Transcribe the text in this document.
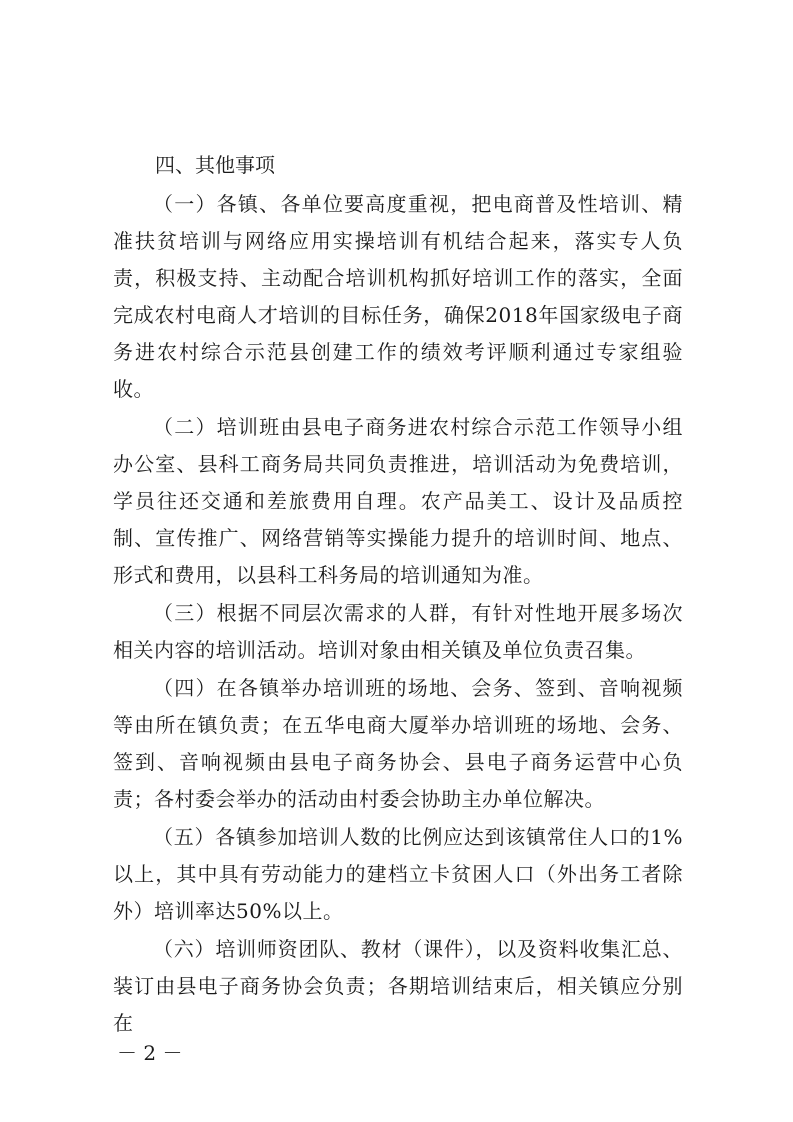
四、其他事项

（一）各镇、各单位要高度重视，把电商普及性培训、精准扶贫培训与网络应用实操培训有机结合起来，落实专人负责，积极支持、主动配合培训机构抓好培训工作的落实，全面完成农村电商人才培训的目标任务，确保2018年国家级电子商务进农村综合示范县创建工作的绩效考评顺利通过专家组验收。

（二）培训班由县电子商务进农村综合示范工作领导小组办公室、县科工商务局共同负责推进，培训活动为免费培训，学员往还交通和差旅费用自理。农产品美工、设计及品质控制、宣传推广、网络营销等实操能力提升的培训时间、地点、形式和费用，以县科工科务局的培训通知为准。

（三）根据不同层次需求的人群，有针对性地开展多场次相关内容的培训活动。培训对象由相关镇及单位负责召集。

（四）在各镇举办培训班的场地、会务、签到、音响视频等由所在镇负责；在五华电商大厦举办培训班的场地、会务、签到、音响视频由县电子商务协会、县电子商务运营中心负责；各村委会举办的活动由村委会协助主办单位解决。

（五）各镇参加培训人数的比例应达到该镇常住人口的1%以上，其中具有劳动能力的建档立卡贫困人口（外出务工者除外）培训率达50%以上。

（六）培训师资团队、教材（课件），以及资料收集汇总、装订由县电子商务协会负责；各期培训结束后，相关镇应分别在

－ 2 －
